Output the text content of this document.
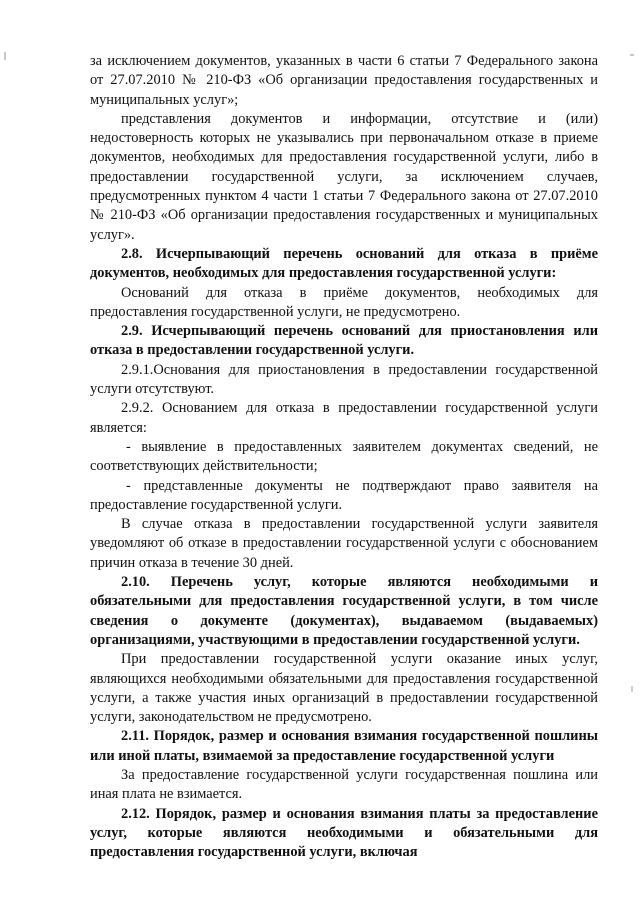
за исключением документов, указанных в части 6 статьи 7 Федерального закона от 27.07.2010 № 210-ФЗ «Об организации предоставления государственных и муниципальных услуг»;

представления документов и информации, отсутствие и (или) недостоверность которых не указывались при первоначальном отказе в приеме документов, необходимых для предоставления государственной услуги, либо в предоставлении государственной услуги, за исключением случаев, предусмотренных пунктом 4 части 1 статьи 7 Федерального закона от 27.07.2010 № 210-ФЗ «Об организации предоставления государственных и муниципальных услуг».

2.8. Исчерпывающий перечень оснований для отказа в приёме документов, необходимых для предоставления государственной услуги:

Оснований для отказа в приёме документов, необходимых для предоставления государственной услуги, не предусмотрено.

2.9. Исчерпывающий перечень оснований для приостановления или отказа в предоставлении государственной услуги.

2.9.1.Основания для приостановления в предоставлении государственной услуги отсутствуют.

2.9.2. Основанием для отказа в предоставлении государственной услуги является:

- выявление в предоставленных заявителем документах сведений, не соответствующих действительности;

- представленные документы не подтверждают право заявителя на предоставление государственной услуги.

В случае отказа в предоставлении государственной услуги заявителя уведомляют об отказе в предоставлении государственной услуги с обоснованием причин отказа в течение 30 дней.

2.10. Перечень услуг, которые являются необходимыми и обязательными для предоставления государственной услуги, в том числе сведения о документе (документах), выдаваемом (выдаваемых) организациями, участвующими в предоставлении государственной услуги.

При предоставлении государственной услуги оказание иных услуг, являющихся необходимыми обязательными для предоставления государственной услуги, а также участия иных организаций в предоставлении государственной услуги, законодательством не предусмотрено.

2.11. Порядок, размер и основания взимания государственной пошлины или иной платы, взимаемой за предоставление государственной услуги

За предоставление государственной услуги государственная пошлина или иная плата не взимается.

2.12. Порядок, размер и основания взимания платы за предоставление услуг, которые являются необходимыми и обязательными для предоставления государственной услуги, включая
